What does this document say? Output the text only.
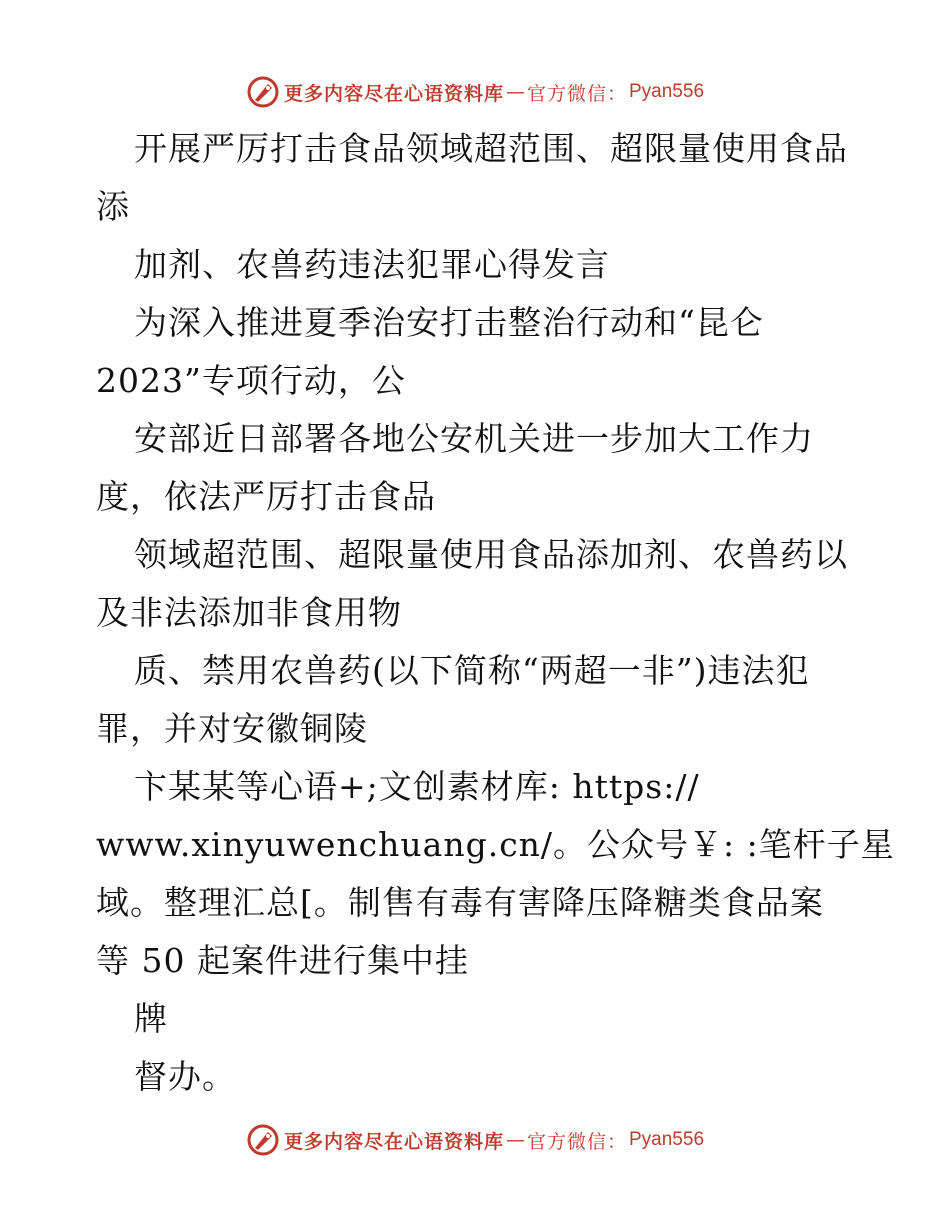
更多内容尽在心语资料库 — 官方微信： Pyan556
开展严厉打击食品领域超范围、超限量使用食品
添
加剂、农兽药违法犯罪心得发言
为深入推进夏季治安打击整治行动和“昆仑
2023”专项行动，公
安部近日部署各地公安机关进一步加大工作力
度，依法严厉打击食品
领域超范围、超限量使用食品添加剂、农兽药以
及非法添加非食用物
质、禁用农兽药(以下简称“两超一非”)违法犯
罪，并对安徽铜陵
卞某某等心语+;文创素材库: https://
www.xinyuwenchuang.cn/。公众号￥: :笔杆子星
域。整理汇总[。制售有毒有害降压降糖类食品案
等 50 起案件进行集中挂
牌
督办。
更多内容尽在心语资料库 — 官方微信： Pyan556
